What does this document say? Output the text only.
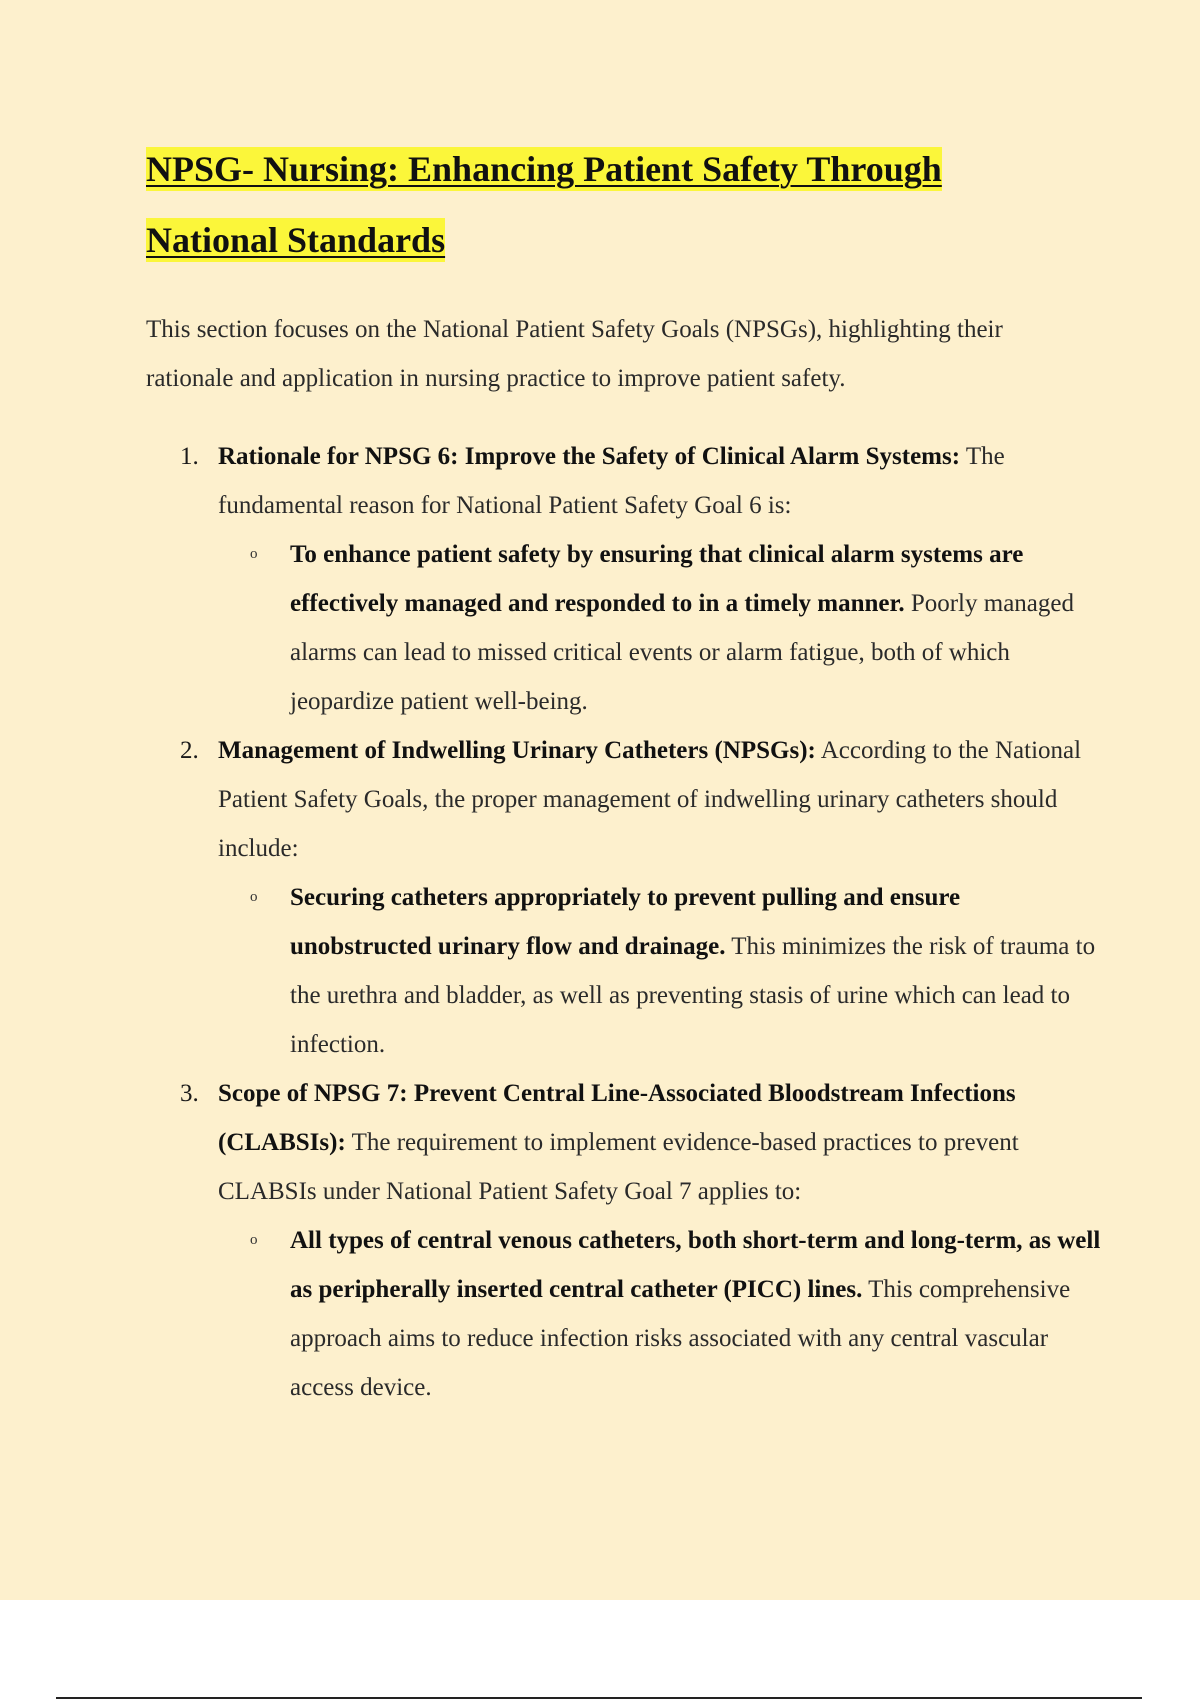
NPSG- Nursing: Enhancing Patient Safety Through
National Standards

This section focuses on the National Patient Safety Goals (NPSGs), highlighting their rationale and application in nursing practice to improve patient safety.

1. Rationale for NPSG 6: Improve the Safety of Clinical Alarm Systems: The fundamental reason for National Patient Safety Goal 6 is:
o To enhance patient safety by ensuring that clinical alarm systems are effectively managed and responded to in a timely manner. Poorly managed alarms can lead to missed critical events or alarm fatigue, both of which jeopardize patient well-being.
2. Management of Indwelling Urinary Catheters (NPSGs): According to the National Patient Safety Goals, the proper management of indwelling urinary catheters should include:
o Securing catheters appropriately to prevent pulling and ensure unobstructed urinary flow and drainage. This minimizes the risk of trauma to the urethra and bladder, as well as preventing stasis of urine which can lead to infection.
3. Scope of NPSG 7: Prevent Central Line-Associated Bloodstream Infections (CLABSIs): The requirement to implement evidence-based practices to prevent CLABSIs under National Patient Safety Goal 7 applies to:
o All types of central venous catheters, both short-term and long-term, as well as peripherally inserted central catheter (PICC) lines. This comprehensive approach aims to reduce infection risks associated with any central vascular access device.
